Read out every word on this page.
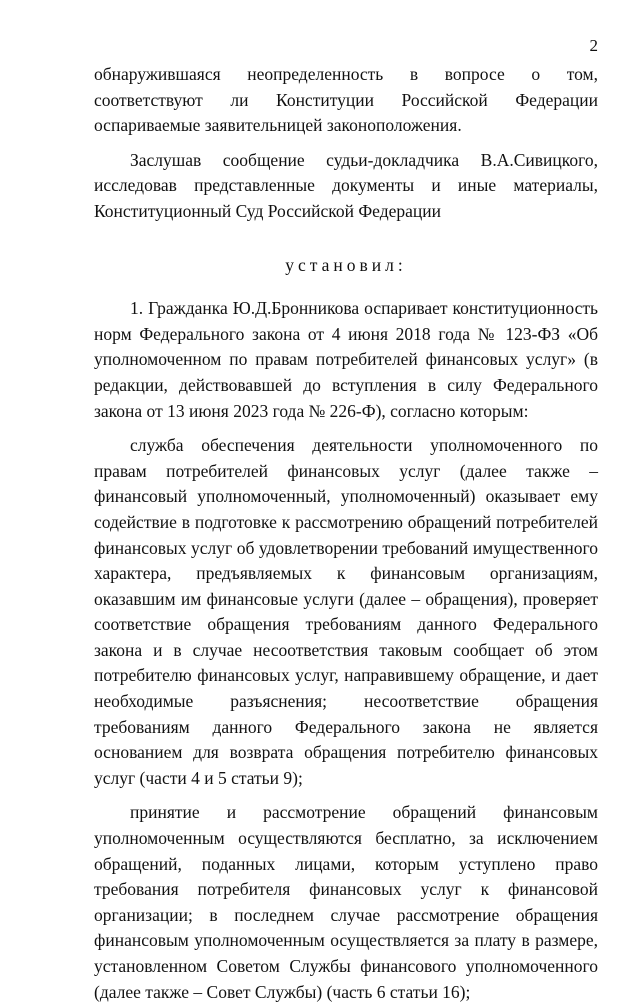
2

обнаружившаяся неопределенность в вопросе о том, соответствуют ли Конституции Российской Федерации оспариваемые заявительницей законоположения.

Заслушав сообщение судьи-докладчика В.А.Сивицкого, исследовав представленные документы и иные материалы, Конституционный Суд Российской Федерации

установил:

1. Гражданка Ю.Д.Бронникова оспаривает конституционность норм Федерального закона от 4 июня 2018 года № 123-ФЗ «Об уполномоченном по правам потребителей финансовых услуг» (в редакции, действовавшей до вступления в силу Федерального закона от 13 июня 2023 года № 226-Ф), согласно которым:

служба обеспечения деятельности уполномоченного по правам потребителей финансовых услуг (далее также – финансовый уполномоченный, уполномоченный) оказывает ему содействие в подготовке к рассмотрению обращений потребителей финансовых услуг об удовлетворении требований имущественного характера, предъявляемых к финансовым организациям, оказавшим им финансовые услуги (далее – обращения), проверяет соответствие обращения требованиям данного Федерального закона и в случае несоответствия таковым сообщает об этом потребителю финансовых услуг, направившему обращение, и дает необходимые разъяснения; несоответствие обращения требованиям данного Федерального закона не является основанием для возврата обращения потребителю финансовых услуг (части 4 и 5 статьи 9);

принятие и рассмотрение обращений финансовым уполномоченным осуществляются бесплатно, за исключением обращений, поданных лицами, которым уступлено право требования потребителя финансовых услуг к финансовой организации; в последнем случае рассмотрение обращения финансовым уполномоченным осуществляется за плату в размере, установленном Советом Службы финансового уполномоченного (далее также – Совет Службы) (часть 6 статьи 16);
